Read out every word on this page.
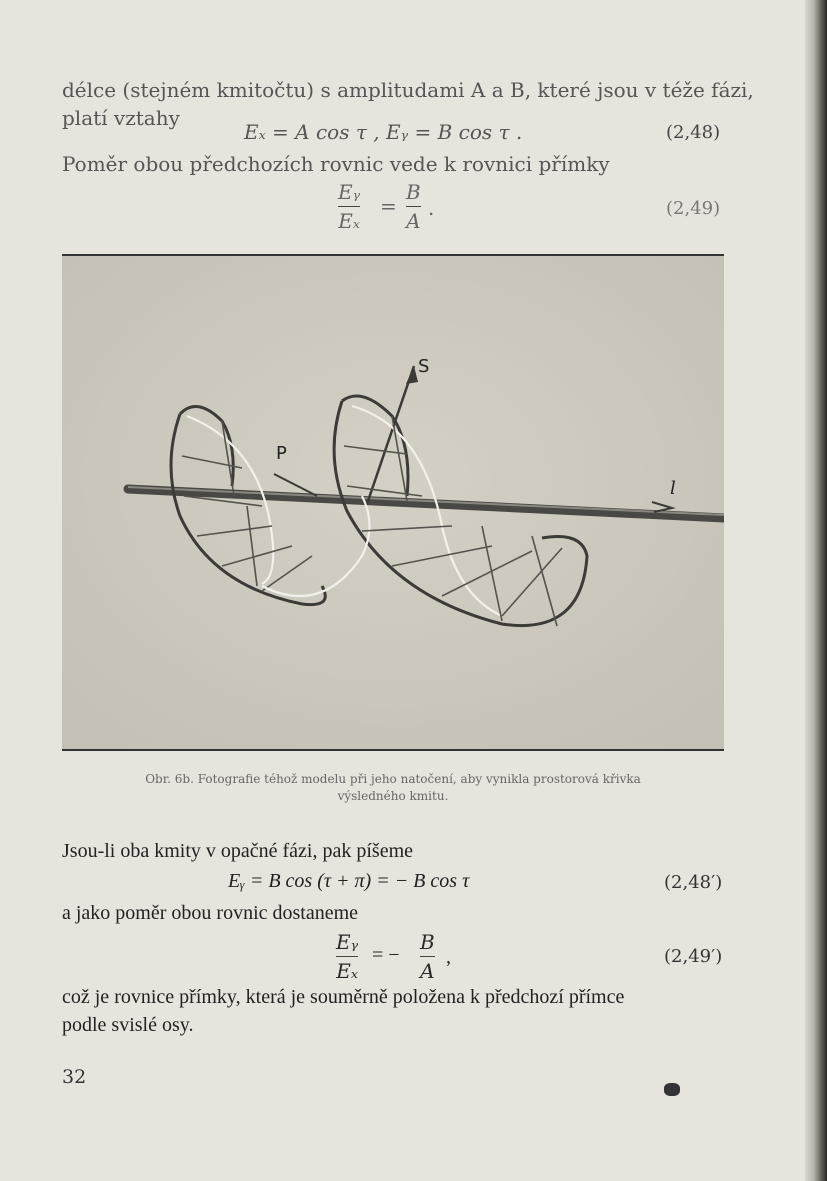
délce (stejném kmitočtu) s amplitudami A a B, které jsou v téže fázi,
platí vztahy
Eₓ = A cos τ , Eᵧ = B cos τ .	(2,48)
Poměr obou předchozích rovnic vede k rovnici přímky
Eᵧ
Eₓ
=
B
A
.	(2,49)
S
P
l
Obr. 6b. Fotografie téhož modelu při jeho natočení, aby vynikla prostorová křivka
výsledného kmitu.
Jsou-li oba kmity v opačné fázi, pak píšeme
Eᵧ = B cos (τ + π) = − B cos τ	(2,48′)
a jako poměr obou rovnic dostaneme
Eᵧ
Eₓ
= −
B
A
,	(2,49′)
což je rovnice přímky, která je souměrně položena k předchozí přímce
podle svislé osy.
32
